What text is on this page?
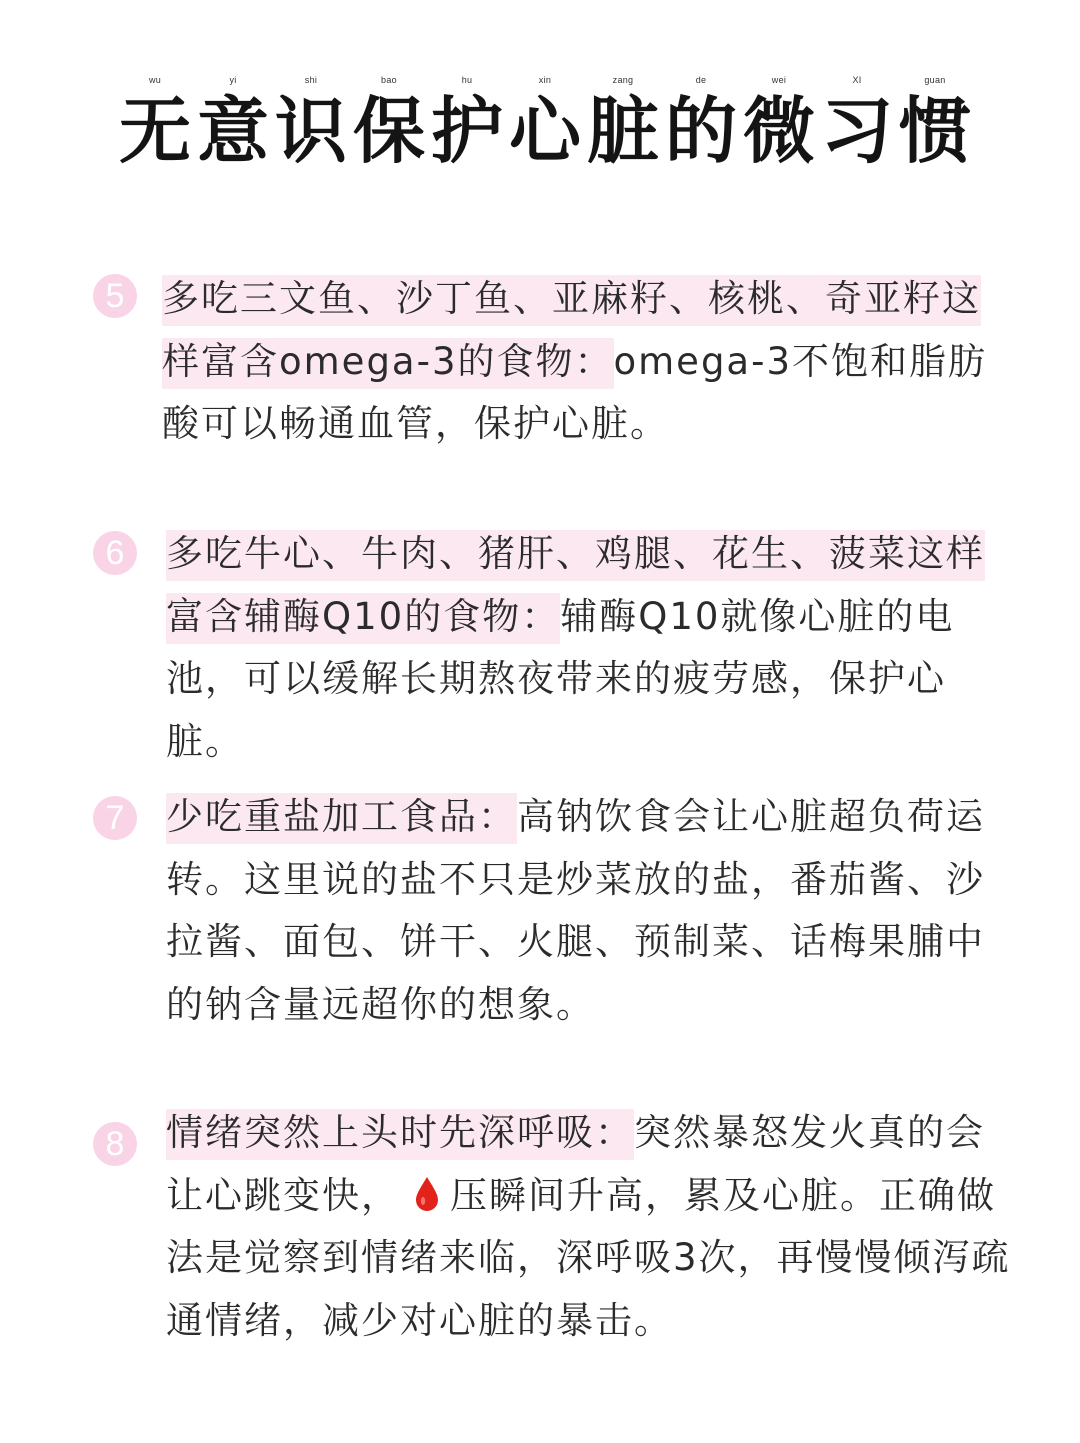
wu
无
yi
意
shi
识
bao
保
hu
护
xin
心
zang
脏
de
的
wei
微
XI
习
guan
惯
5	多吃三文鱼、沙丁鱼、亚麻籽、核桃、奇亚籽这样富含omega-3的食物：omega-3不饱和脂肪酸可以畅通血管，保护心脏。
6	多吃牛心、牛肉、猪肝、鸡腿、花生、菠菜这样富含辅酶Q10的食物：辅酶Q10就像心脏的电池，可以缓解长期熬夜带来的疲劳感，保护心脏。
7	少吃重盐加工食品：高钠饮食会让心脏超负荷运转。这里说的盐不只是炒菜放的盐，番茄酱、沙拉酱、面包、饼干、火腿、预制菜、话梅果脯中的钠含量远超你的想象。
8	情绪突然上头时先深呼吸：突然暴怒发火真的会让心跳变快， 压瞬间升高，累及心脏。正确做法是觉察到情绪来临，深呼吸3次，再慢慢倾泻疏通情绪，减少对心脏的暴击。
